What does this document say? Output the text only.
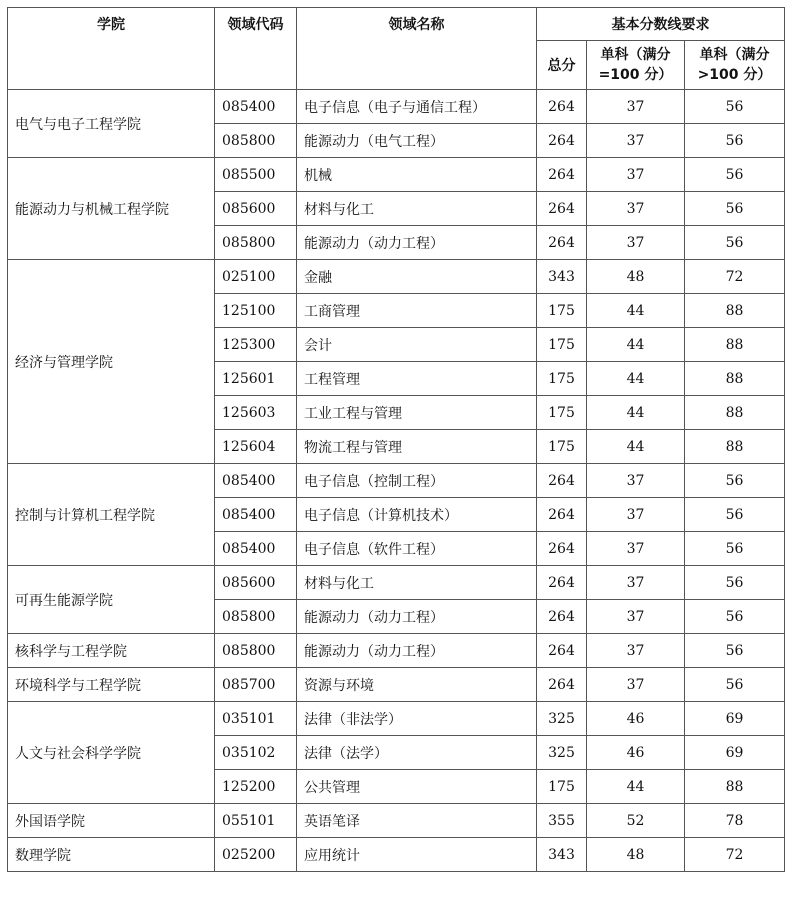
学院	领域代码	领域名称	基本分数线要求		
			总分	单科（满分=100 分）	单科（满分>100 分）
电气与电子工程学院	085400	电子信息（电子与通信工程）	264	37	56
	085800	能源动力（电气工程）	264	37	56
能源动力与机械工程学院	085500	机械	264	37	56
	085600	材料与化工	264	37	56
	085800	能源动力（动力工程）	264	37	56
经济与管理学院	025100	金融	343	48	72
	125100	工商管理	175	44	88
	125300	会计	175	44	88
	125601	工程管理	175	44	88
	125603	工业工程与管理	175	44	88
	125604	物流工程与管理	175	44	88
控制与计算机工程学院	085400	电子信息（控制工程）	264	37	56
	085400	电子信息（计算机技术）	264	37	56
	085400	电子信息（软件工程）	264	37	56
可再生能源学院	085600	材料与化工	264	37	56
	085800	能源动力（动力工程）	264	37	56
核科学与工程学院	085800	能源动力（动力工程）	264	37	56
环境科学与工程学院	085700	资源与环境	264	37	56
人文与社会科学学院	035101	法律（非法学）	325	46	69
	035102	法律（法学）	325	46	69
	125200	公共管理	175	44	88
外国语学院	055101	英语笔译	355	52	78
数理学院	025200	应用统计	343	48	72
